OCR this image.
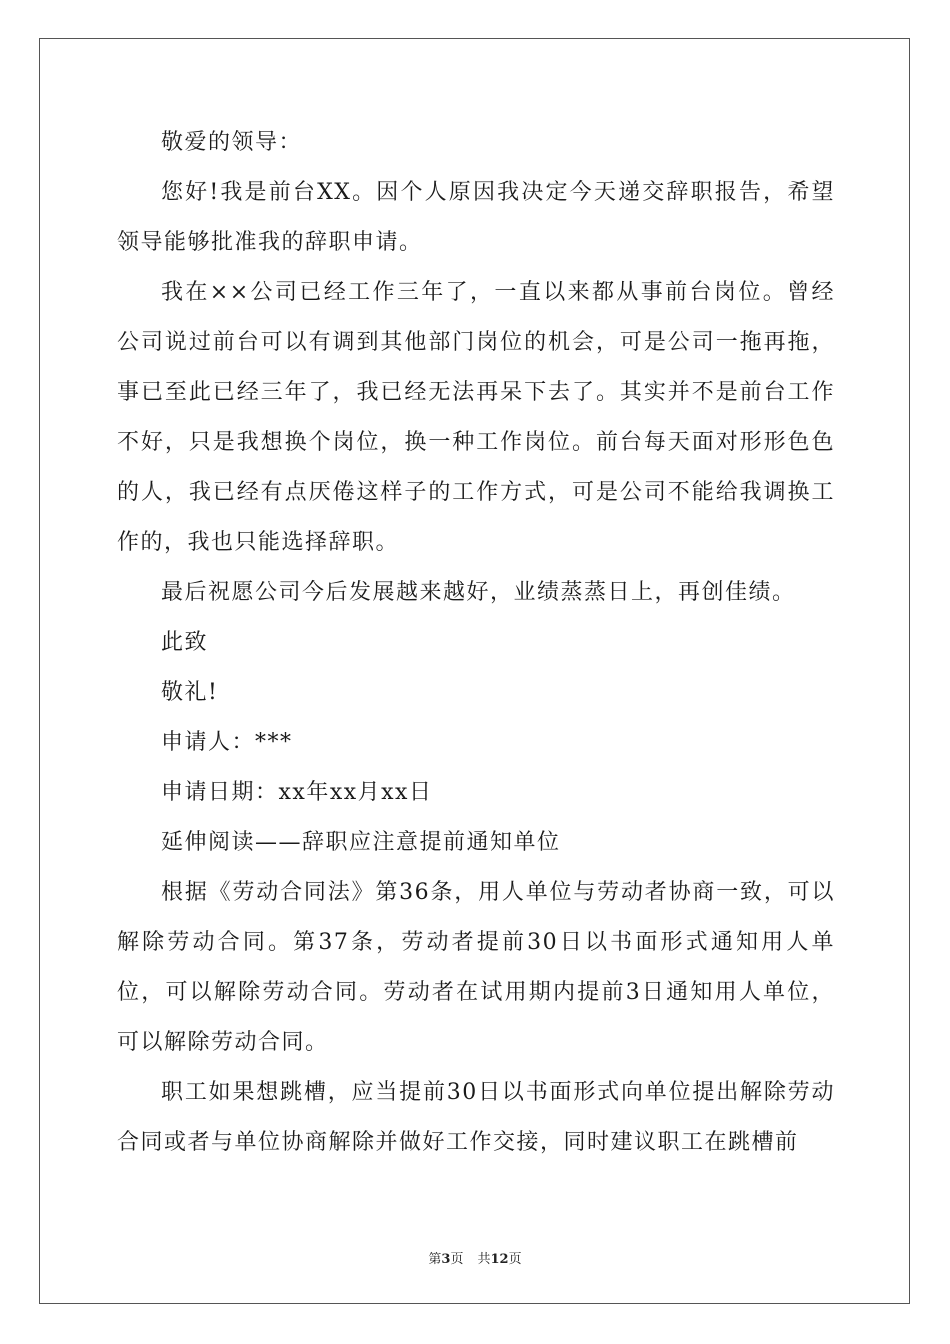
敬爱的领导：

您好!我是前台XX。因个人原因我决定今天递交辞职报告，希望领导能够批准我的辞职申请。

我在××公司已经工作三年了，一直以来都从事前台岗位。曾经公司说过前台可以有调到其他部门岗位的机会，可是公司一拖再拖，事已至此已经三年了，我已经无法再呆下去了。其实并不是前台工作不好，只是我想换个岗位，换一种工作岗位。前台每天面对形形色色的人，我已经有点厌倦这样子的工作方式，可是公司不能给我调换工作的，我也只能选择辞职。

最后祝愿公司今后发展越来越好，业绩蒸蒸日上，再创佳绩。

此致

敬礼!

申请人：***

申请日期：xx年xx月xx日

延伸阅读——辞职应注意提前通知单位

根据《劳动合同法》第36条，用人单位与劳动者协商一致，可以解除劳动合同。第37条，劳动者提前30日以书面形式通知用人单位，可以解除劳动合同。劳动者在试用期内提前3日通知用人单位，可以解除劳动合同。

职工如果想跳槽，应当提前30日以书面形式向单位提出解除劳动合同或者与单位协商解除并做好工作交接，同时建议职工在跳槽前

第3页 共12页
